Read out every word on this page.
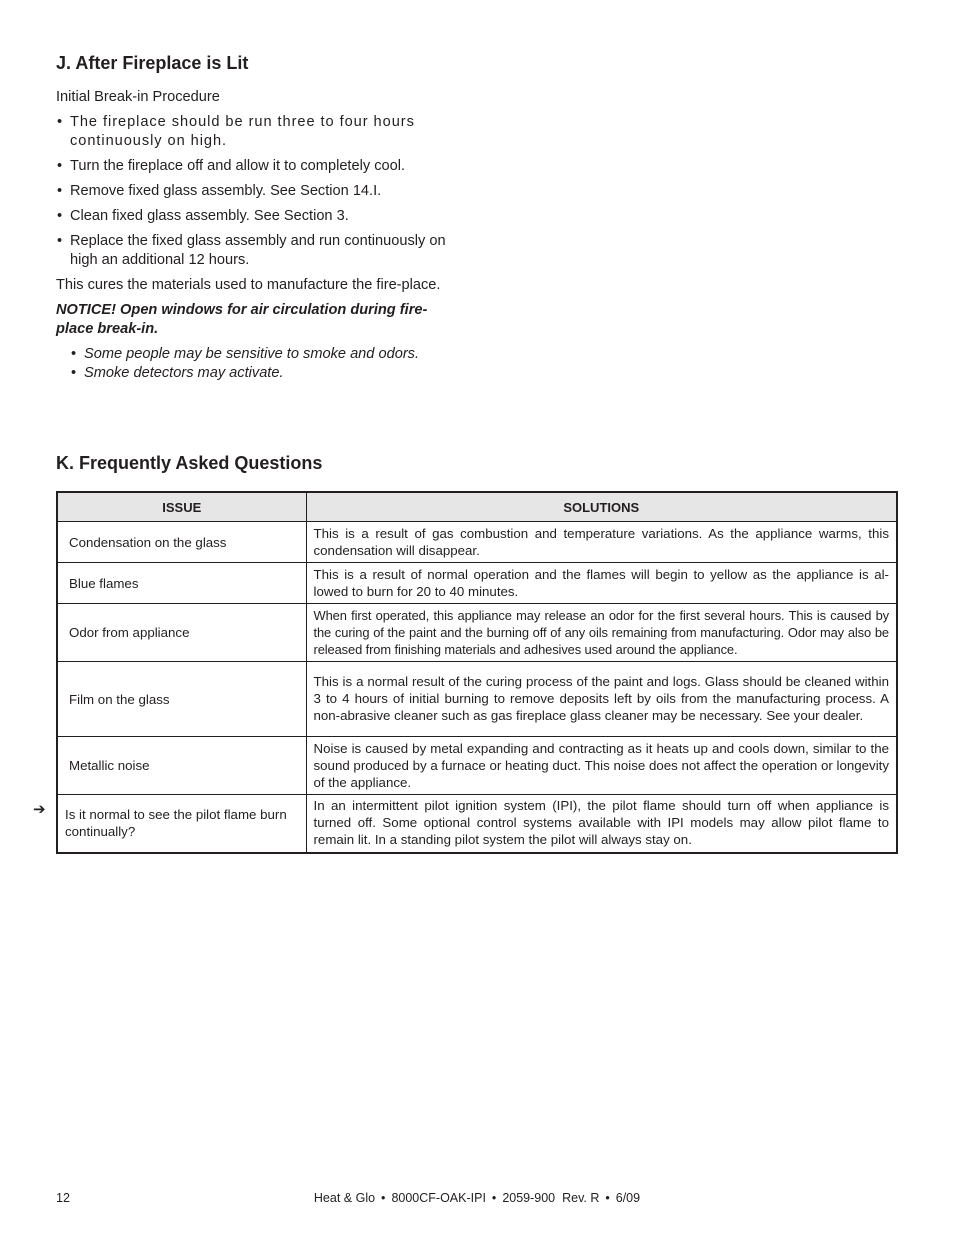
J. After Fireplace is Lit

Initial Break-in Procedure

• The fireplace should be run three to four hours continuously on high.
• Turn the fireplace off and allow it to completely cool.
• Remove fixed glass assembly. See Section 14.I.
• Clean fixed glass assembly. See Section 3.
• Replace the fixed glass assembly and run continuously on high an additional 12 hours.

This cures the materials used to manufacture the fire-place.

NOTICE! Open windows for air circulation during fire-place break-in.

• Some people may be sensitive to smoke and odors.
• Smoke detectors may activate.
K. Frequently Asked Questions
ISSUE	SOLUTIONS
Condensation on the glass	This is a result of gas combustion and temperature variations. As the appliance warms, this condensation will disappear.
Blue flames	This is a result of normal operation and the flames will begin to yellow as the appliance is al-lowed to burn for 20 to 40 minutes.
Odor from appliance	When first operated, this appliance may release an odor for the first several hours. This is caused by the curing of the paint and the burning off of any oils remaining from manufacturing. Odor may also be released from finishing materials and adhesives used around the appliance.
Film on the glass	This is a normal result of the curing process of the paint and logs. Glass should be cleaned within 3 to 4 hours of initial burning to remove deposits left by oils from the manufacturing process. A non-abrasive cleaner such as gas fireplace glass cleaner may be necessary. See your dealer.
Metallic noise	Noise is caused by metal expanding and contracting as it heats up and cools down, similar to the sound produced by a furnace or heating duct. This noise does not affect the operation or longevity of the appliance.
Is it normal to see the pilot flame burn continually?	In an intermittent pilot ignition system (IPI), the pilot flame should turn off when appliance is turned off. Some optional control systems available with IPI models may allow pilot flame to remain lit. In a standing pilot system the pilot will always stay on.
➔
12	Heat & Glo • 8000CF-OAK-IPI • 2059-900  Rev. R • 6/09
